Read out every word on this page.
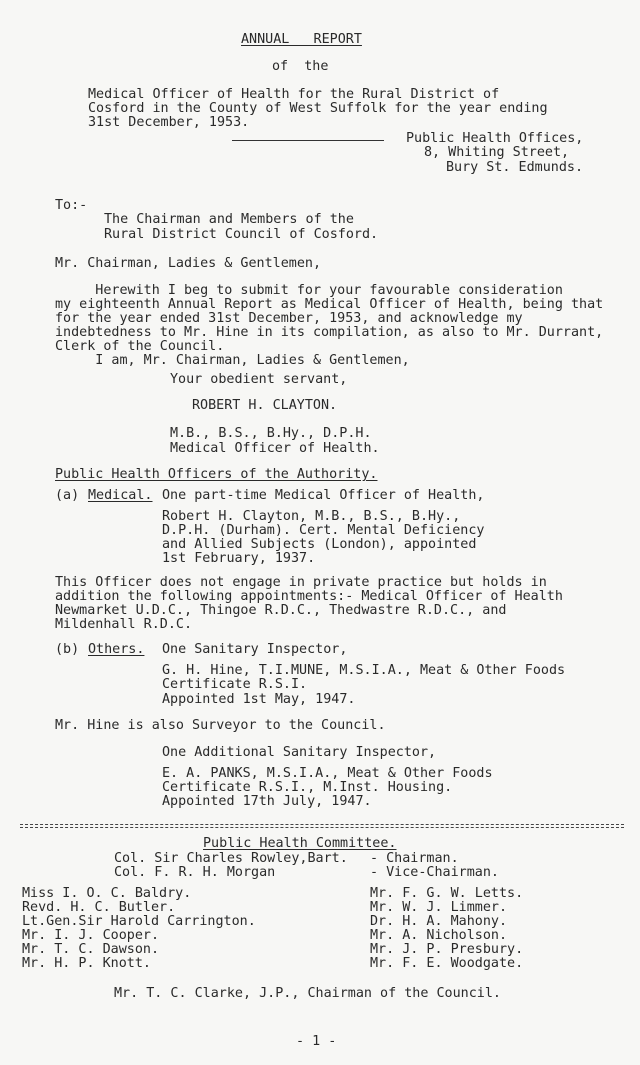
ANNUAL   REPORT
of  the
Medical Officer of Health for the Rural District of
Cosford in the County of West Suffolk for the year ending
31st December, 1953.
Public Health Offices,
8, Whiting Street,
Bury St. Edmunds.
To:-
The Chairman and Members of the
Rural District Council of Cosford.
Mr. Chairman, Ladies & Gentlemen,
Herewith I beg to submit for your favourable consideration
my eighteenth Annual Report as Medical Officer of Health, being that
for the year ended 31st December, 1953, and acknowledge my
indebtedness to Mr. Hine in its compilation, as also to Mr. Durrant,
Clerk of the Council.
I am, Mr. Chairman, Ladies & Gentlemen,
Your obedient servant,
ROBERT H. CLAYTON.
M.B., B.S., B.Hy., D.P.H.
Medical Officer of Health.
Public Health Officers of the Authority.
(a) Medical. One part-time Medical Officer of Health,
Robert H. Clayton, M.B., B.S., B.Hy.,
D.P.H. (Durham). Cert. Mental Deficiency
and Allied Subjects (London), appointed
1st February, 1937.
This Officer does not engage in private practice but holds in
addition the following appointments:- Medical Officer of Health
Newmarket U.D.C., Thingoe R.D.C., Thedwastre R.D.C., and
Mildenhall R.D.C.
(b) Others. One Sanitary Inspector,
G. H. Hine, T.I.MUNE, M.S.I.A., Meat & Other Foods
Certificate R.S.I.
Appointed 1st May, 1947.
Mr. Hine is also Surveyor to the Council.
One Additional Sanitary Inspector,
E. A. PANKS, M.S.I.A., Meat & Other Foods
Certificate R.S.I., M.Inst. Housing.
Appointed 17th July, 1947.
Public Health Committee.
Col. Sir Charles Rowley,Bart. - Chairman.
Col. F. R. H. Morgan	- Vice-Chairman.
Miss I. O. C. Baldry.
Revd. H. C. Butler.
Lt.Gen.Sir Harold Carrington.
Mr. I. J. Cooper.
Mr. T. C. Dawson.
Mr. H. P. Knott.
Mr. F. G. W. Letts.
Mr. W. J. Limmer.
Dr. H. A. Mahony.
Mr. A. Nicholson.
Mr. J. P. Presbury.
Mr. F. E. Woodgate.
Mr. T. C. Clarke, J.P., Chairman of the Council.
- 1 -
